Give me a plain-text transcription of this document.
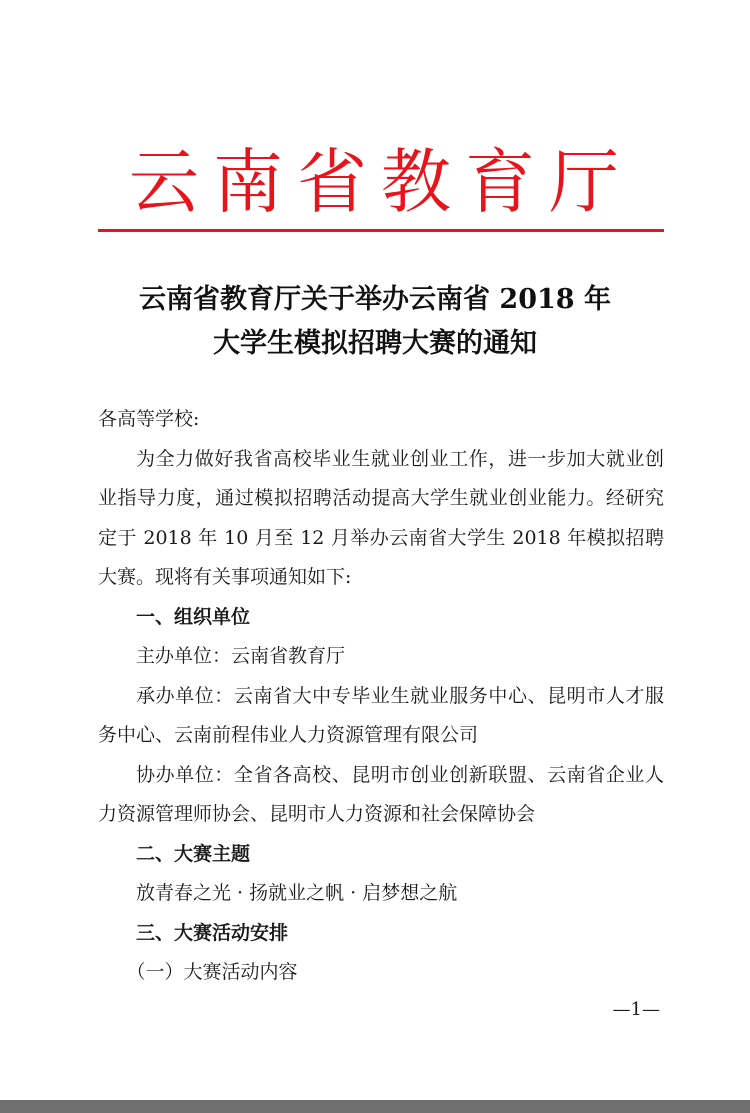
云南省教育厅
云南省教育厅关于举办云南省 2018 年
大学生模拟招聘大赛的通知

各高等学校:

为全力做好我省高校毕业生就业创业工作，进一步加大就业创业指导力度，通过模拟招聘活动提高大学生就业创业能力。经研究定于 2018 年 10 月至 12 月举办云南省大学生 2018 年模拟招聘大赛。现将有关事项通知如下:

一、组织单位

主办单位：云南省教育厅

承办单位：云南省大中专毕业生就业服务中心、昆明市人才服务中心、云南前程伟业人力资源管理有限公司

协办单位：全省各高校、昆明市创业创新联盟、云南省企业人力资源管理师协会、昆明市人力资源和社会保障协会

二、大赛主题

放青春之光 · 扬就业之帆 · 启梦想之航

三、大赛活动安排

（一）大赛活动内容

—1—
